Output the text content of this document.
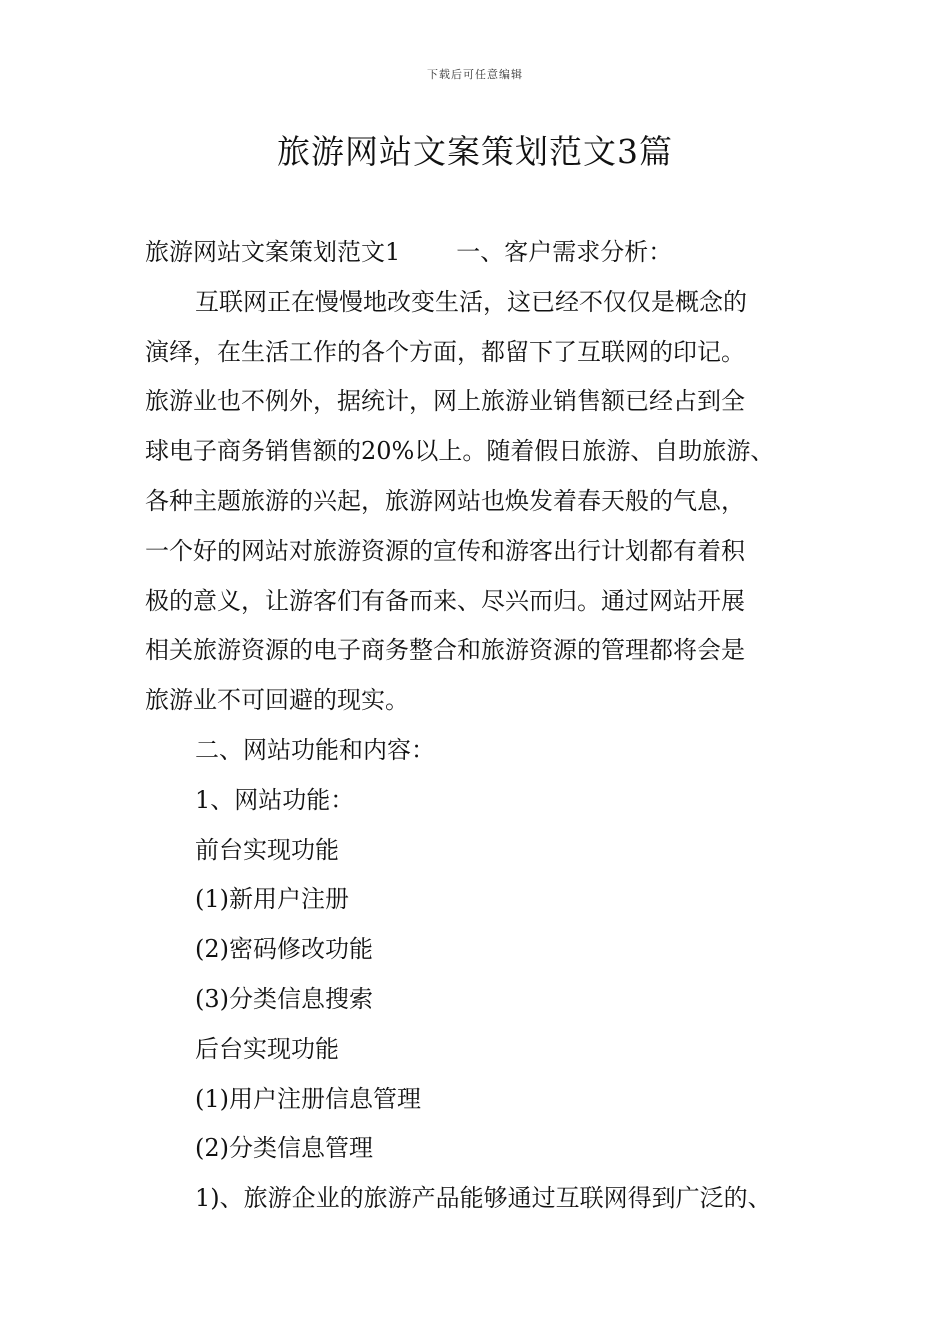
下载后可任意编辑
旅游网站文案策划范文3篇
旅游网站文案策划范文1 一、客户需求分析：
互联网正在慢慢地改变生活，这已经不仅仅是概念的
演绎，在生活工作的各个方面，都留下了互联网的印记。
旅游业也不例外，据统计，网上旅游业销售额已经占到全
球电子商务销售额的20%以上。随着假日旅游、自助旅游、
各种主题旅游的兴起，旅游网站也焕发着春天般的气息，
一个好的网站对旅游资源的宣传和游客出行计划都有着积
极的意义，让游客们有备而来、尽兴而归。通过网站开展
相关旅游资源的电子商务整合和旅游资源的管理都将会是
旅游业不可回避的现实。
二、网站功能和内容：
1、网站功能：
前台实现功能
(1)新用户注册
(2)密码修改功能
(3)分类信息搜索
后台实现功能
(1)用户注册信息管理
(2)分类信息管理
1)、旅游企业的旅游产品能够通过互联网得到广泛的、
